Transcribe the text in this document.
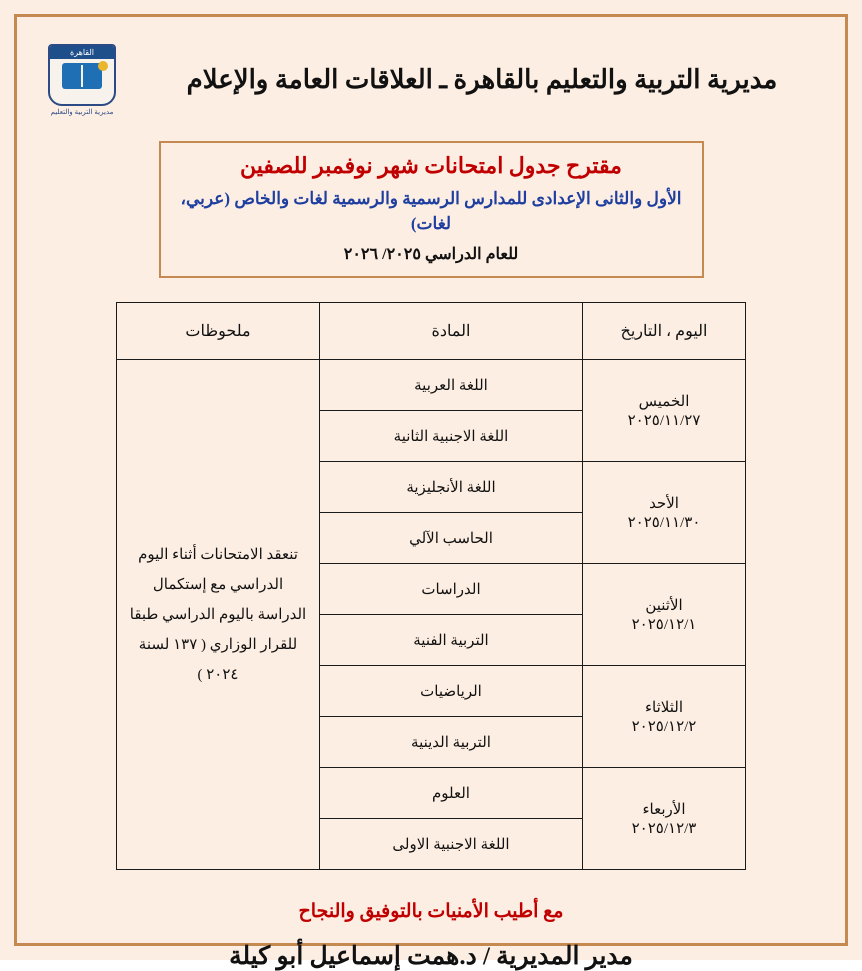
القاهرة
مديرية التربية والتعليم
مديرية التربية والتعليم بالقاهرة ـ العلاقات العامة والإعلام
مقترح جدول امتحانات شهر نوفمبر للصفين
الأول والثانى الإعدادى للمدارس الرسمية والرسمية لغات والخاص (عربي، لغات)
للعام الدراسي ٢٠٢٥/ ٢٠٢٦
اليوم ، التاريخ	المادة	ملحوظات

الخميس
٢٠٢٥/١١/٢٧	اللغة العربية	تنعقد الامتحانات أثناء اليوم الدراسي مع إستكمال الدراسة باليوم الدراسي طبقا للقرار الوزاري ( ١٣٧ لسنة ٢٠٢٤ )
	اللغة الاجنبية الثانية	

الأحد
٢٠٢٥/١١/٣٠	اللغة الأنجليزية	
	الحاسب الآلي	

الأثنين
٢٠٢٥/١٢/١	الدراسات	
	التربية الفنية	

الثلاثاء
٢٠٢٥/١٢/٢	الرياضيات	
	التربية الدينية	

الأربعاء
٢٠٢٥/١٢/٣	العلوم	
	اللغة الاجنبية الاولى	
مع أطيب الأمنيات بالتوفيق والنجاح
مدير المديرية / د.همت إسماعيل أبو كيلة
